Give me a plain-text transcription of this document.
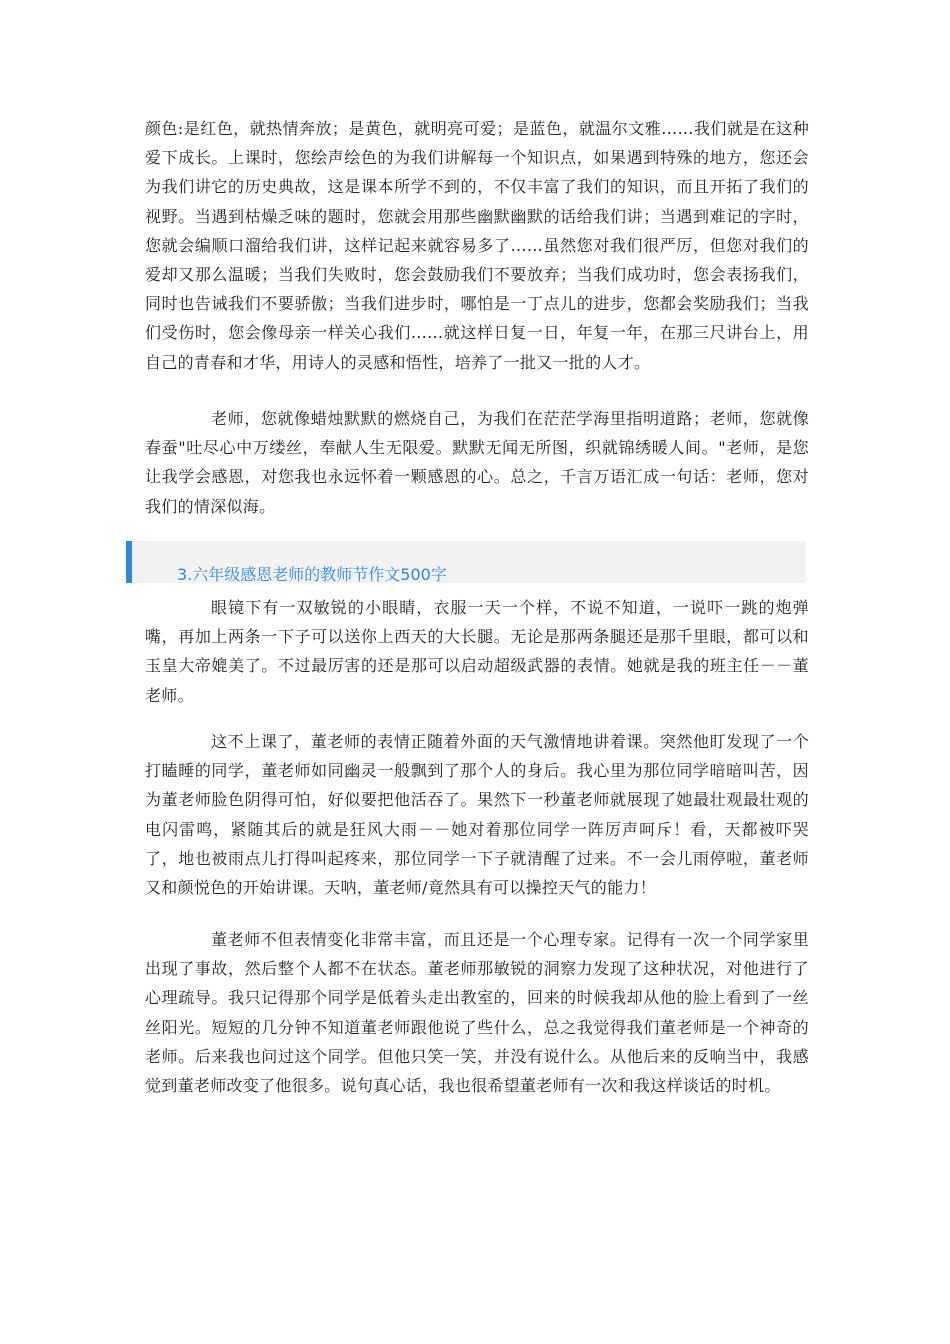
颜色:是红色，就热情奔放；是黄色，就明亮可爱；是蓝色，就温尔文雅……我们就是在这种爱下成长。上课时，您绘声绘色的为我们讲解每一个知识点，如果遇到特殊的地方，您还会为我们讲它的历史典故，这是课本所学不到的，不仅丰富了我们的知识，而且开拓了我们的视野。当遇到枯燥乏味的题时，您就会用那些幽默幽默的话给我们讲；当遇到难记的字时，您就会编顺口溜给我们讲，这样记起来就容易多了……虽然您对我们很严厉，但您对我们的爱却又那么温暖；当我们失败时，您会鼓励我们不要放弃；当我们成功时，您会表扬我们，同时也告诫我们不要骄傲；当我们进步时，哪怕是一丁点儿的进步，您都会奖励我们；当我们受伤时，您会像母亲一样关心我们……就这样日复一日，年复一年，在那三尺讲台上，用自己的青春和才华，用诗人的灵感和悟性，培养了一批又一批的人才。

老师，您就像蜡烛默默的燃烧自己，为我们在茫茫学海里指明道路；老师，您就像春蚕"吐尽心中万缕丝，奉献人生无限爱。默默无闻无所图，织就锦绣暖人间。"老师，是您让我学会感恩，对您我也永远怀着一颗感恩的心。总之，千言万语汇成一句话：老师，您对我们的情深似海。

3.六年级感恩老师的教师节作文500字

眼镜下有一双敏锐的小眼睛，衣服一天一个样，不说不知道，一说吓一跳的炮弹嘴，再加上两条一下子可以送你上西天的大长腿。无论是那两条腿还是那千里眼，都可以和玉皇大帝媲美了。不过最厉害的还是那可以启动超级武器的表情。她就是我的班主任－－董老师。

这不上课了，董老师的表情正随着外面的天气激情地讲着课。突然他盯发现了一个打瞌睡的同学，董老师如同幽灵一般飘到了那个人的身后。我心里为那位同学暗暗叫苦，因为董老师脸色阴得可怕，好似要把他活吞了。果然下一秒董老师就展现了她最壮观最壮观的电闪雷鸣，紧随其后的就是狂风大雨－－她对着那位同学一阵厉声呵斥！看，天都被吓哭了，地也被雨点儿打得叫起疼来，那位同学一下子就清醒了过来。不一会儿雨停啦，董老师又和颜悦色的开始讲课。天呐，董老师/竟然具有可以操控天气的能力！

董老师不但表情变化非常丰富，而且还是一个心理专家。记得有一次一个同学家里出现了事故，然后整个人都不在状态。董老师那敏锐的洞察力发现了这种状况，对他进行了心理疏导。我只记得那个同学是低着头走出教室的，回来的时候我却从他的脸上看到了一丝丝阳光。短短的几分钟不知道董老师跟他说了些什么，总之我觉得我们董老师是一个神奇的老师。后来我也问过这个同学。但他只笑一笑，并没有说什么。从他后来的反响当中，我感觉到董老师改变了他很多。说句真心话，我也很希望董老师有一次和我这样谈话的时机。
